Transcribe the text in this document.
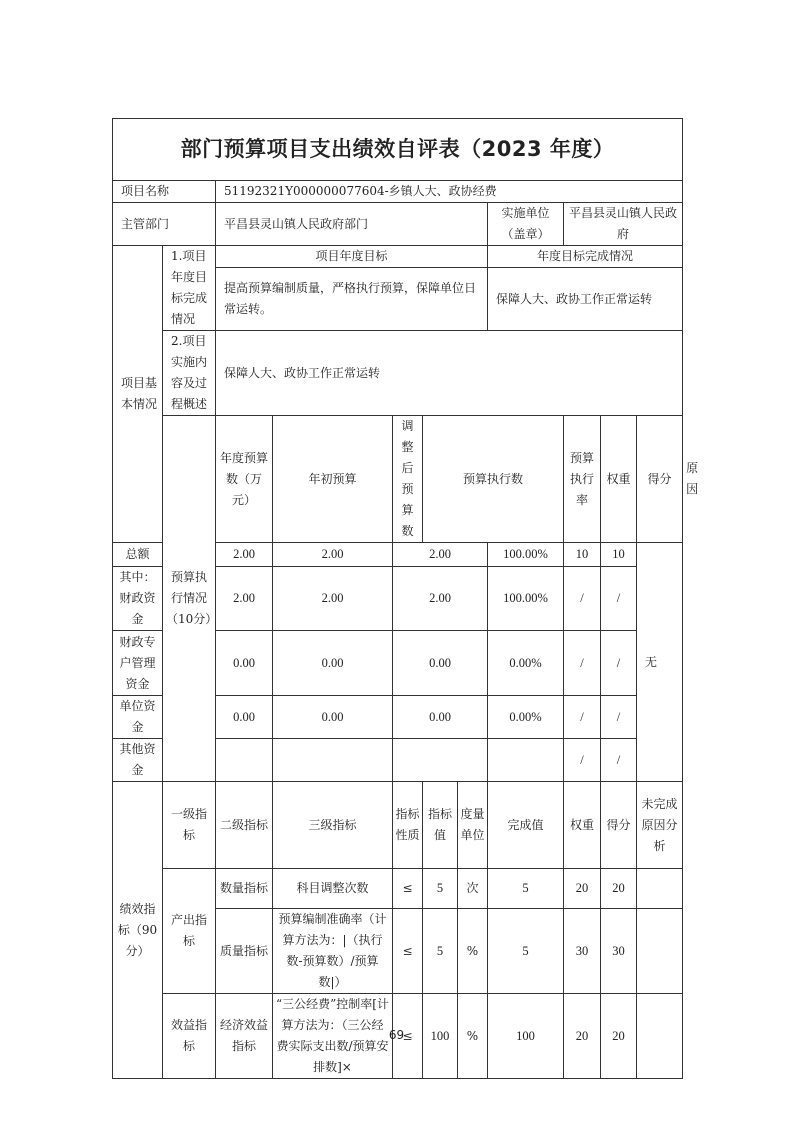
部门预算项目支出绩效自评表（2023 年度）											
项目名称		51192321Y000000077604-乡镇人大、政协经费									
主管部门		平昌县灵山镇人民政府部门					实施单位（盖章）	平昌县灵山镇人民政府			
项目基本情况	1.项目年度目标完成情况	项目年度目标					年度目标完成情况				
		提高预算编制质量，严格执行预算，保障单位日常运转。					保障人大、政协工作正常运转				
	2.项目实施内容及过程概述	保障人大、政协工作正常运转									
	预算执行情况（10分）	年度预算数（万元）	年初预算	调整后预算数	预算执行数			预算执行率	权重	得分	原因
总额		2.00	2.00	2.00			100.00%	10	10	无	
其中：财政资金		2.00	2.00	2.00			100.00%	/	/		
财政专户管理资金		0.00	0.00	0.00			0.00%	/	/		
单位资金		0.00	0.00	0.00			0.00%	/	/		
其他资金								/	/		
绩效指标（90分）	一级指标	二级指标	三级指标	指标性质	指标值	度量单位	完成值	权重	得分	未完成原因分析	
	产出指标	数量指标	科目调整次数	≤	5	次	5	20	20		
		质量指标	预算编制准确率（计算方法为：|（执行数-预算数）/预算数|）	≤	5	%	5	30	30		
	效益指标	经济效益指标	“三公经费”控制率[计算方法为：（三公经费实际支出数/预算安排数]×	≤	100	%	100	20	20		
69
